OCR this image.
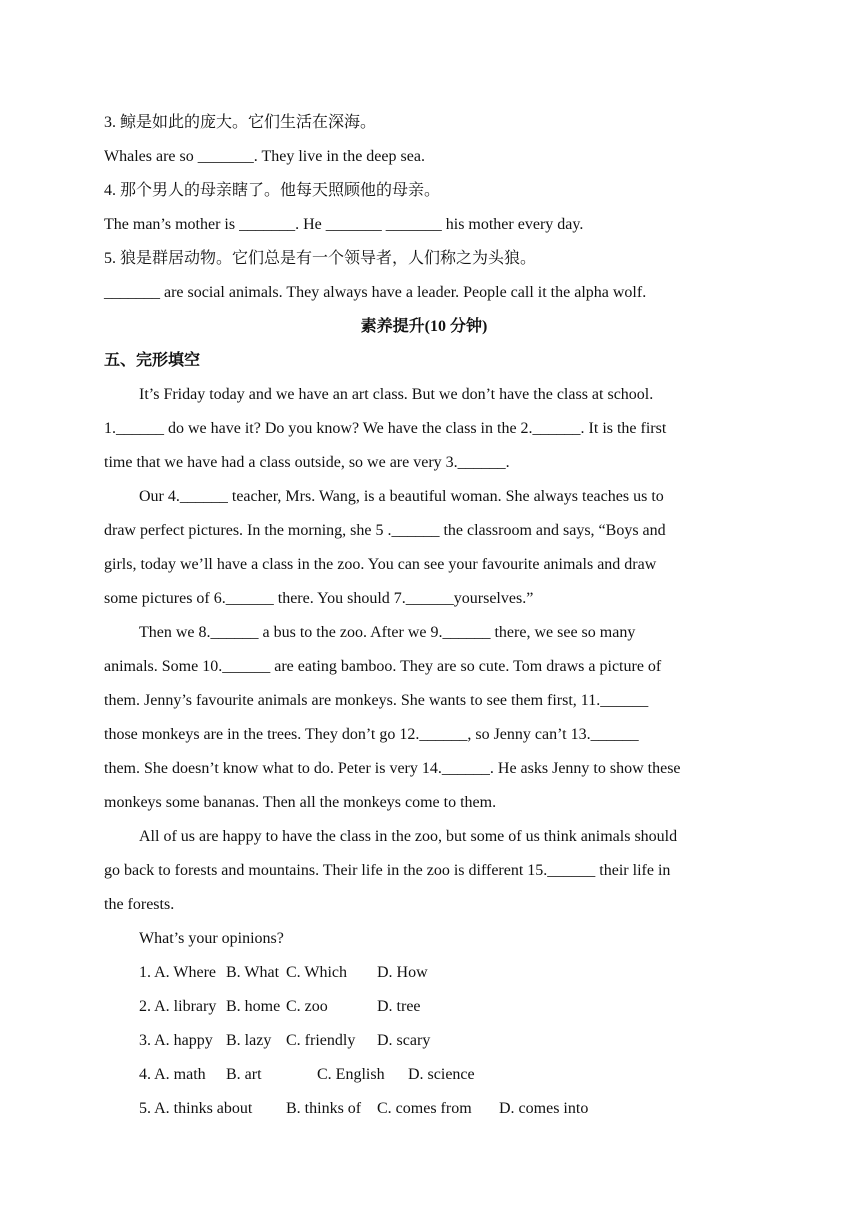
3. 鲸是如此的庞大。它们生活在深海。
Whales are so _______. They live in the deep sea.
4. 那个男人的母亲瞎了。他每天照顾他的母亲。
The man’s mother is _______. He _______ _______ his mother every day.
5. 狼是群居动物。它们总是有一个领导者，人们称之为头狼。
_______ are social animals. They always have a leader. People call it the alpha wolf.
素养提升(10 分钟)
五、完形填空
It’s Friday today and we have an art class. But we don’t have the class at school.
1.______ do we have it? Do you know? We have the class in the 2.______. It is the first
time that we have had a class outside, so we are very 3.______.
Our 4.______ teacher, Mrs. Wang, is a beautiful woman. She always teaches us to
draw perfect pictures. In the morning, she 5 .______ the classroom and says, “Boys and
girls, today we’ll have a class in the zoo. You can see your favourite animals and draw
some pictures of 6.______ there. You should 7.______yourselves.”
Then we 8.______ a bus to the zoo. After we 9.______ there, we see so many
animals. Some 10.______ are eating bamboo. They are so cute. Tom draws a picture of
them. Jenny’s favourite animals are monkeys. She wants to see them first, 11.______
those monkeys are in the trees. They don’t go 12.______, so Jenny can’t 13.______
them. She doesn’t know what to do. Peter is very 14.______. He asks Jenny to show these
monkeys some bananas. Then all the monkeys come to them.
All of us are happy to have the class in the zoo, but some of us think animals should
go back to forests and mountains. Their life in the zoo is different 15.______ their life in
the forests.
What’s your opinions?
1. A. Where B. What C. Which	D. How
2. A. library B. home C. zoo	D. tree
3. A. happy B. lazy C. friendly	D. scary
4. A. math	B. art	C. English	D. science
5. A. thinks about	B. thinks of C. comes from	D. comes into
